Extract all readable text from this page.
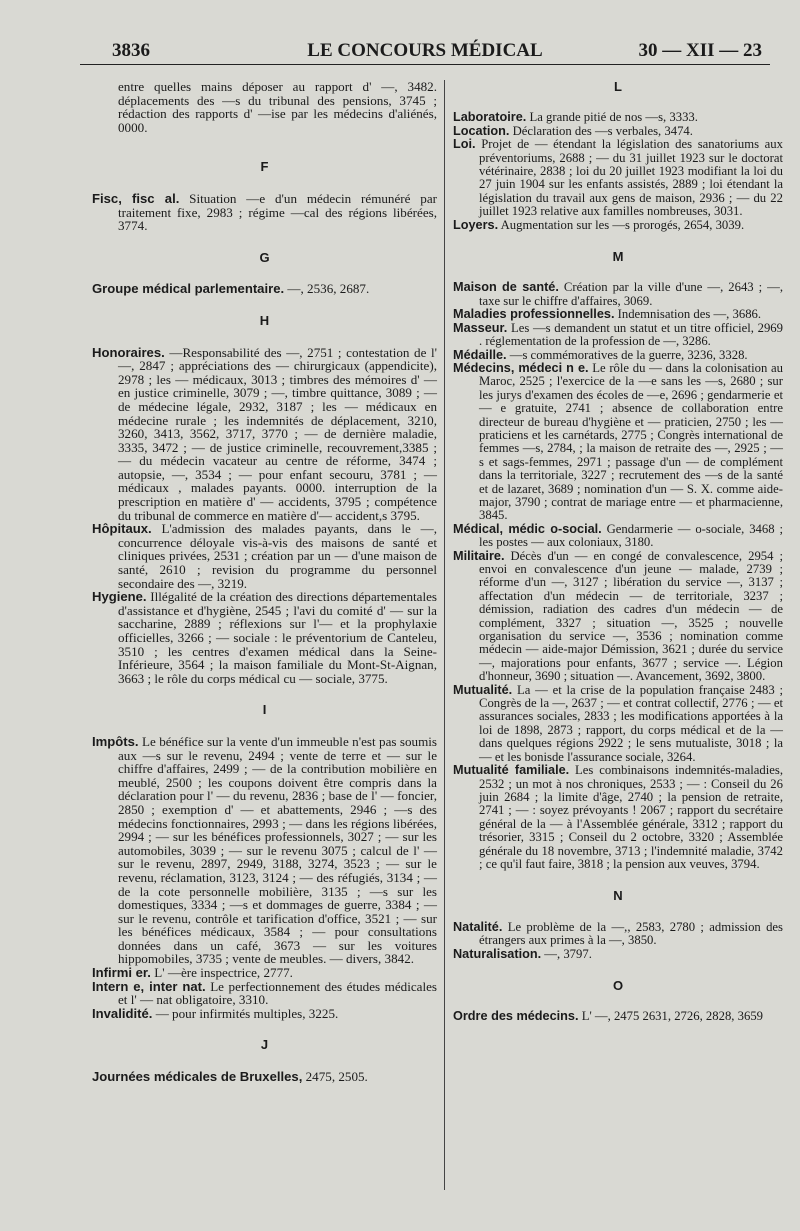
3836	LE CONCOURS MÉDICAL	30 — XII — 23
entre quelles mains déposer au rapport d' —, 3482. déplacements des —s du tribunal des pensions, 3745 ; rédaction des rapports d' —ise par les médecins d'aliénés, 0000.
F
Fisc, fisc al. Situation —e d'un médecin rémunéré par traitement fixe, 2983 ; régime —cal des régions libérées, 3774.
G
Groupe médical parlementaire. —, 2536, 2687.
H
Honoraires. —Responsabilité des —, 2751 ; contestation de l' —, 2847 ; appréciations des — chirurgicaux (appendicite), 2978 ; les — médicaux, 3013 ; timbres des mémoires d' —en justice criminelle, 3079 ; —, timbre quittance, 3089 ; — de médecine légale, 2932, 3187 ; les — médicaux en médecine rurale ; les indemnités de déplacement, 3210, 3260, 3413, 3562, 3717, 3770 ; — de dernière maladie, 3335, 3472 ; — de justice criminelle, recouvrement,3385 ; — du médecin vacateur au centre de réforme, 3474 ; autopsie, —, 3534 ; — pour enfant secouru, 3781 ; — médicaux , malades payants. 0000. interruption de la prescription en matière d' — accidents, 3795 ; compétence du tribunal de commerce en matière d'— accident,s 3795.
Hôpitaux. L'admission des malades payants, dans le —, concurrence déloyale vis-à-vis des maisons de santé et cliniques privées, 2531 ; création par un — d'une maison de santé, 2610 ; revision du programme du personnel secondaire des —, 3219.
Hygiene. Illégalité de la création des directions départementales d'assistance et d'hygiène, 2545 ; l'avi du comité d' — sur la saccharine, 2889 ; réflexions sur l'— et la prophylaxie officielles, 3266 ; — sociale : le préventorium de Canteleu, 3510 ; les centres d'examen médical dans la Seine-Inférieure, 3564 ; la maison familiale du Mont-St-Aignan, 3663 ; le rôle du corps médical cu — sociale, 3775.
I
Impôts. Le bénéfice sur la vente d'un immeuble n'est pas soumis aux —s sur le revenu, 2494 ; vente de terre et — sur le chiffre d'affaires, 2499 ; — de la contribution mobilière en meublé, 2500 ; les coupons doivent être compris dans la déclaration pour l' — du revenu, 2836 ; base de l' — foncier, 2850 ; exemption d' — et abattements, 2946 ; —s des médecins fonctionnaires, 2993 ; — dans les régions libérées, 2994 ; — sur les bénéfices professionnels, 3027 ; — sur les automobiles, 3039 ; — sur le revenu 3075 ; calcul de l' — sur le revenu, 2897, 2949, 3188, 3274, 3523 ; — sur le revenu, réclamation, 3123, 3124 ; — des réfugiés, 3134 ; — de la cote personnelle mobilière, 3135 ; —s sur les domestiques, 3334 ; —s et dommages de guerre, 3384 ; — sur le revenu, contrôle et tarification d'office, 3521 ; — sur les bénéfices médicaux, 3584 ; — pour consultations données dans un café, 3673 — sur les voitures hippomobiles, 3735 ; vente de meubles. — divers, 3842.
Infirmi er. L' —ère inspectrice, 2777.
Intern e, inter nat. Le perfectionnement des études médicales et l' — nat obligatoire, 3310.
Invalidité. — pour infirmités multiples, 3225.
J
Journées médicales de Bruxelles, 2475, 2505.
L
Laboratoire. La grande pitié de nos —s, 3333.
Location. Déclaration des —s verbales, 3474.
Loi. Projet de — étendant la législation des sanatoriums aux préventoriums, 2688 ; — du 31 juillet 1923 sur le doctorat vétérinaire, 2838 ; loi du 20 juillet 1923 modifiant la loi du 27 juin 1904 sur les enfants assistés, 2889 ; loi étendant la législation du travail aux gens de maison, 2936 ; — du 22 juillet 1923 relative aux familles nombreuses, 3031.
Loyers. Augmentation sur les —s prorogés, 2654, 3039.
M
Maison de santé. Création par la ville d'une —, 2643 ; —, taxe sur le chiffre d'affaires, 3069.
Maladies professionnelles. Indemnisation des —, 3686.
Masseur. Les —s demandent un statut et un titre officiel, 2969 . réglementation de la profession de —, 3286.
Médaille. —s commémoratives de la guerre, 3236, 3328.
Médecins, médeci n e. Le rôle du — dans la colonisation au Maroc, 2525 ; l'exercice de la —e sans les —s, 2680 ; sur les jurys d'examen des écoles de —e, 2696 ; gendarmerie et — e gratuite, 2741 ; absence de collaboration entre directeur de bureau d'hygiène et — praticien, 2750 ; les — praticiens et les carnétards, 2775 ; Congrès international de femmes —s, 2784, ; la maison de retraite des —, 2925 ; —s et sags-femmes, 2971 ; passage d'un — de complément dans la territoriale, 3227 ; recrutement des —s de la santé et de lazaret, 3689 ; nomination d'un — S. X. comme aide-major, 3790 ; contrat de mariage entre — et pharmacienne, 3845.
Médical, médic o-social. Gendarmerie — o-sociale, 3468 ; les postes — aux coloniaux, 3180.
Militaire. Décès d'un — en congé de convalescence, 2954 ; envoi en convalescence d'un jeune — malade, 2739 ; réforme d'un —, 3127 ; libération du service —, 3137 ; affectation d'un médecin — de territoriale, 3237 ; démission, radiation des cadres d'un médecin — de complément, 3327 ; situation —, 3525 ; nouvelle organisation du service —, 3536 ; nomination comme médecin — aide-major Démission, 3621 ; durée du service —, majorations pour enfants, 3677 ; service —. Légion d'honneur, 3690 ; situation —. Avancement, 3692, 3800.
Mutualité. La — et la crise de la population française 2483 ; Congrès de la —, 2637 ; — et contrat collectif, 2776 ; — et assurances sociales, 2833 ; les modifications apportées à la loi de 1898, 2873 ; rapport, du corps médical et de la — dans quelques régions 2922 ; le sens mutualiste, 3018 ; la — et les bonisde l'assurance sociale, 3264.
Mutualité familiale. Les combinaisons indemnités-maladies, 2532 ; un mot à nos chroniques, 2533 ; — : Conseil du 26 juin 2684 ; la limite d'âge, 2740 ; la pension de retraite, 2741 ; — : soyez prévoyants ! 2067 ; rapport du secrétaire général de la — à l'Assemblée générale, 3312 ; rapport du trésorier, 3315 ; Conseil du 2 octobre, 3320 ; Assemblée générale du 18 novembre, 3713 ; l'indemnité maladie, 3742 ; ce qu'il faut faire, 3818 ; la pension aux veuves, 3794.
N
Natalité. Le problème de la —,, 2583, 2780 ; admission des étrangers aux primes à la —, 3850.
Naturalisation. —, 3797.
O
Ordre des médecins. L' —, 2475 2631, 2726, 2828, 3659
